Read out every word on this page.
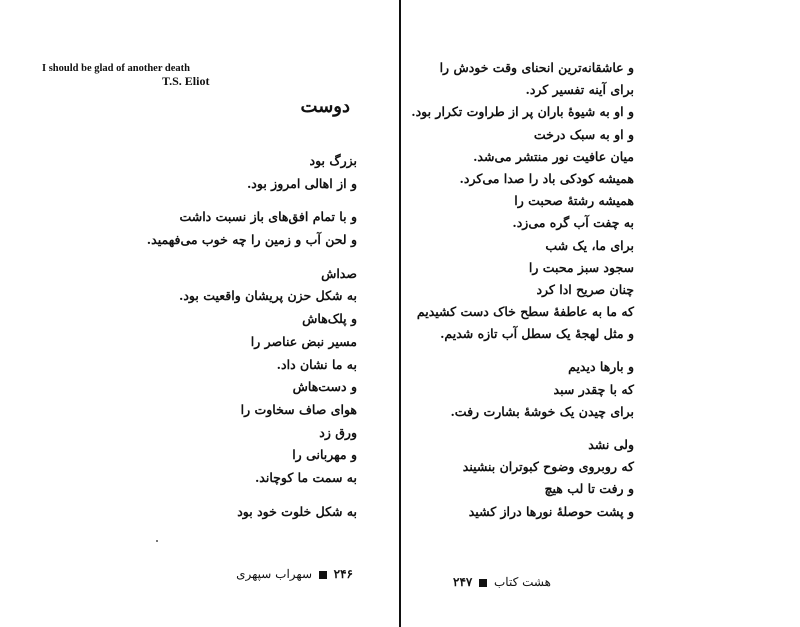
I should be glad of another death
T.S. Eliot
دوست
بزرگ بود
و از اهالی امروز بود.
و با تمام افق‌های باز نسبت داشت
و لحن آب و زمین را چه خوب می‌فهمید.
صداش
به شکل حزن پریشان واقعیت بود.
و پلک‌هاش
مسیر نبض عناصر را
به ما نشان داد.
و دست‌هاش
هوای صاف سخاوت را
ورق زد
و مهربانی را
به سمت ما کوچاند.
به شکل خلوت خود بود
۲۴۶  سهراب سپهری
و عاشقانه‌ترین انحنای وقت خودش را
برای آینه تفسیر کرد.
و او به شیوهٔ باران پر از طراوت تکرار بود.
و او به سبک درخت
میان عافیت نور منتشر می‌شد.
همیشه کودکی باد را صدا می‌کرد.
همیشه رشتهٔ صحبت را
به چفت آب گره می‌زد.
برای ما، یک شب
سجود سبز محبت را
چنان صریح ادا کرد
که ما به عاطفهٔ سطح خاک دست کشیدیم
و مثل لهجهٔ یک سطل آب تازه شدیم.
و بارها دیدیم
که با چقدر سبد
برای چیدن یک خوشهٔ بشارت رفت.
ولی نشد
که روبروی وضوح کبوتران بنشیند
و رفت تا لب هیچ
و پشت حوصلهٔ نورها دراز کشید
هشت کتاب  ۲۴۷
